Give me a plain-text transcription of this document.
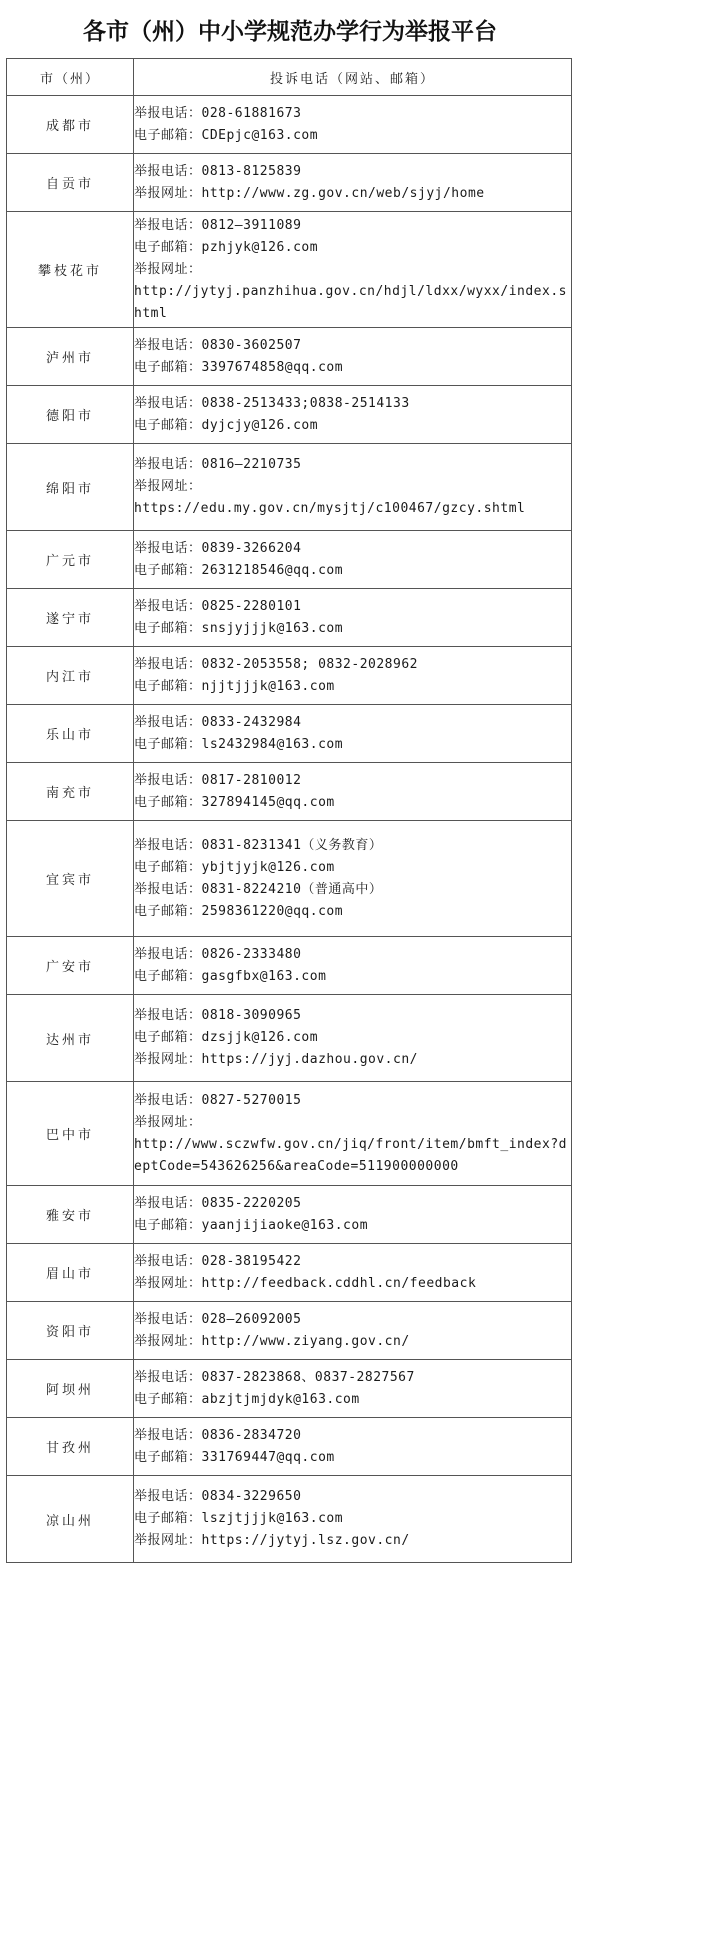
各市（州）中小学规范办学行为举报平台
市（州）	投诉电话（网站、邮箱）
成都市	举报电话：028-61881673
电子邮箱：CDEpjc@163.com

自贡市	举报电话：0813-8125839
举报网址：http://www.zg.gov.cn/web/sjyj/home

攀枝花市	举报电话：0812—3911089
电子邮箱：pzhjyk@126.com
举报网址：
http://jytyj.panzhihua.gov.cn/hdjl/ldxx/wyxx/index.shtml

泸州市	举报电话：0830-3602507
电子邮箱：3397674858@qq.com

德阳市	举报电话：0838-2513433;0838-2514133
电子邮箱：dyjcjy@126.com

绵阳市	举报电话：0816—2210735
举报网址：
https://edu.my.gov.cn/mysjtj/c100467/gzcy.shtml

广元市	举报电话：0839-3266204
电子邮箱：2631218546@qq.com

遂宁市	举报电话：0825-2280101
电子邮箱：snsjyjjjk@163.com

内江市	举报电话：0832-2053558; 0832-2028962
电子邮箱：njjtjjjk@163.com

乐山市	举报电话：0833-2432984
电子邮箱：ls2432984@163.com

南充市	举报电话：0817-2810012
电子邮箱：327894145@qq.com

宜宾市	举报电话：0831-8231341（义务教育）
电子邮箱：ybjtjyjk@126.com
举报电话：0831-8224210（普通高中）
电子邮箱：2598361220@qq.com

广安市	举报电话：0826-2333480
电子邮箱：gasgfbx@163.com

达州市	举报电话：0818-3090965
电子邮箱：dzsjjk@126.com
举报网址：https://jyj.dazhou.gov.cn/

巴中市	举报电话：0827-5270015
举报网址：
http://www.sczwfw.gov.cn/jiq/front/item/bmft_index?deptCode=543626256&areaCode=511900000000

雅安市	举报电话：0835-2220205
电子邮箱：yaanjijiaoke@163.com

眉山市	举报电话：028-38195422
举报网址：http://feedback.cddhl.cn/feedback

资阳市	举报电话：028—26092005
举报网址：http://www.ziyang.gov.cn/

阿坝州	举报电话：0837-2823868、0837-2827567
电子邮箱：abzjtjmjdyk@163.com

甘孜州	举报电话：0836-2834720
电子邮箱：331769447@qq.com

凉山州	举报电话：0834-3229650
电子邮箱：lszjtjjjk@163.com
举报网址：https://jytyj.lsz.gov.cn/
